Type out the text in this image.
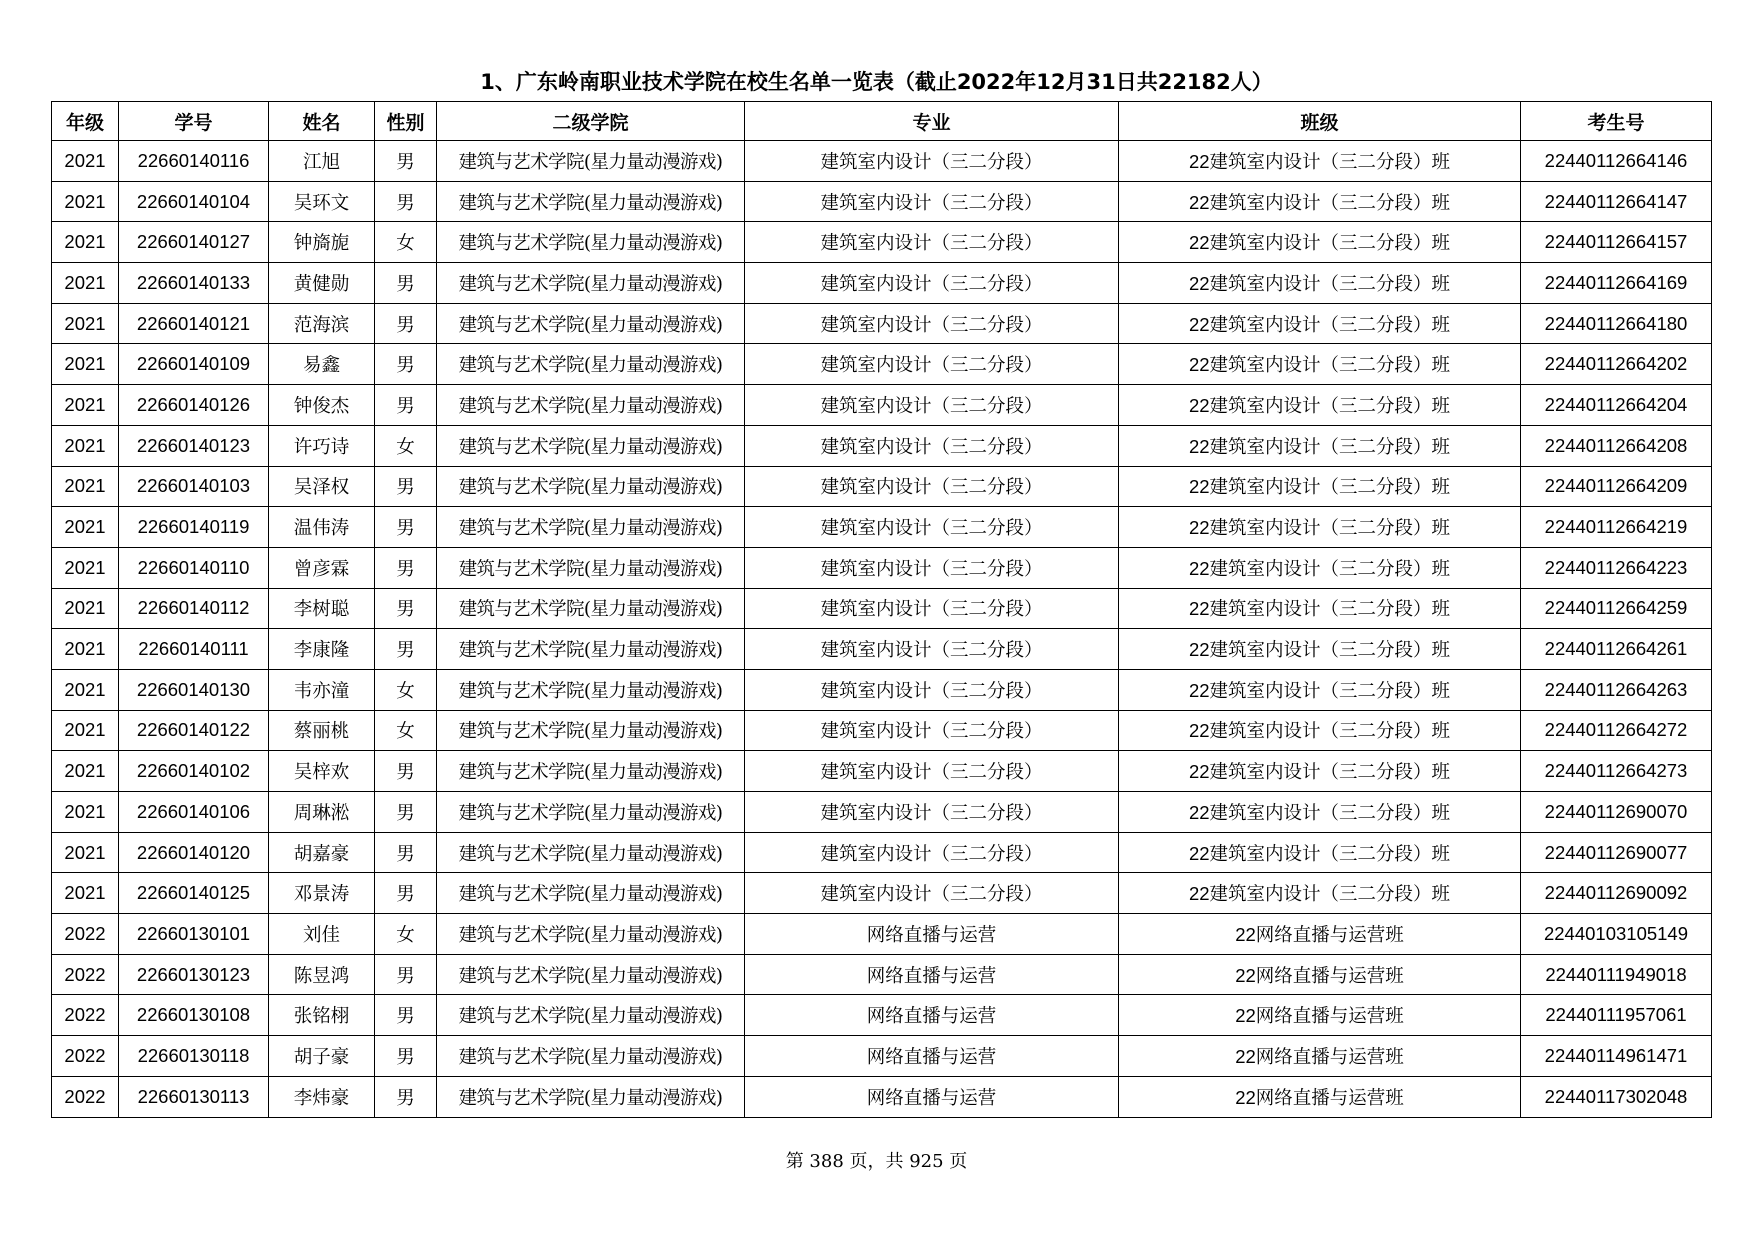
1、广东岭南职业技术学院在校生名单一览表（截止2022年12月31日共22182人）
年级	学号	姓名	性别	二级学院	专业	班级	考生号
2021	22660140116	江旭	男	建筑与艺术学院(星力量动漫游戏)	建筑室内设计（三二分段）	22建筑室内设计（三二分段）班	22440112664146
2021	22660140104	吴环文	男	建筑与艺术学院(星力量动漫游戏)	建筑室内设计（三二分段）	22建筑室内设计（三二分段）班	22440112664147
2021	22660140127	钟旖旎	女	建筑与艺术学院(星力量动漫游戏)	建筑室内设计（三二分段）	22建筑室内设计（三二分段）班	22440112664157
2021	22660140133	黄健勋	男	建筑与艺术学院(星力量动漫游戏)	建筑室内设计（三二分段）	22建筑室内设计（三二分段）班	22440112664169
2021	22660140121	范海滨	男	建筑与艺术学院(星力量动漫游戏)	建筑室内设计（三二分段）	22建筑室内设计（三二分段）班	22440112664180
2021	22660140109	易鑫	男	建筑与艺术学院(星力量动漫游戏)	建筑室内设计（三二分段）	22建筑室内设计（三二分段）班	22440112664202
2021	22660140126	钟俊杰	男	建筑与艺术学院(星力量动漫游戏)	建筑室内设计（三二分段）	22建筑室内设计（三二分段）班	22440112664204
2021	22660140123	许巧诗	女	建筑与艺术学院(星力量动漫游戏)	建筑室内设计（三二分段）	22建筑室内设计（三二分段）班	22440112664208
2021	22660140103	吴泽权	男	建筑与艺术学院(星力量动漫游戏)	建筑室内设计（三二分段）	22建筑室内设计（三二分段）班	22440112664209
2021	22660140119	温伟涛	男	建筑与艺术学院(星力量动漫游戏)	建筑室内设计（三二分段）	22建筑室内设计（三二分段）班	22440112664219
2021	22660140110	曾彦霖	男	建筑与艺术学院(星力量动漫游戏)	建筑室内设计（三二分段）	22建筑室内设计（三二分段）班	22440112664223
2021	22660140112	李树聪	男	建筑与艺术学院(星力量动漫游戏)	建筑室内设计（三二分段）	22建筑室内设计（三二分段）班	22440112664259
2021	22660140111	李康隆	男	建筑与艺术学院(星力量动漫游戏)	建筑室内设计（三二分段）	22建筑室内设计（三二分段）班	22440112664261
2021	22660140130	韦亦潼	女	建筑与艺术学院(星力量动漫游戏)	建筑室内设计（三二分段）	22建筑室内设计（三二分段）班	22440112664263
2021	22660140122	蔡丽桃	女	建筑与艺术学院(星力量动漫游戏)	建筑室内设计（三二分段）	22建筑室内设计（三二分段）班	22440112664272
2021	22660140102	吴梓欢	男	建筑与艺术学院(星力量动漫游戏)	建筑室内设计（三二分段）	22建筑室内设计（三二分段）班	22440112664273
2021	22660140106	周琳淞	男	建筑与艺术学院(星力量动漫游戏)	建筑室内设计（三二分段）	22建筑室内设计（三二分段）班	22440112690070
2021	22660140120	胡嘉豪	男	建筑与艺术学院(星力量动漫游戏)	建筑室内设计（三二分段）	22建筑室内设计（三二分段）班	22440112690077
2021	22660140125	邓景涛	男	建筑与艺术学院(星力量动漫游戏)	建筑室内设计（三二分段）	22建筑室内设计（三二分段）班	22440112690092
2022	22660130101	刘佳	女	建筑与艺术学院(星力量动漫游戏)	网络直播与运营	22网络直播与运营班	22440103105149
2022	22660130123	陈昱鸿	男	建筑与艺术学院(星力量动漫游戏)	网络直播与运营	22网络直播与运营班	22440111949018
2022	22660130108	张铭栩	男	建筑与艺术学院(星力量动漫游戏)	网络直播与运营	22网络直播与运营班	22440111957061
2022	22660130118	胡子豪	男	建筑与艺术学院(星力量动漫游戏)	网络直播与运营	22网络直播与运营班	22440114961471
2022	22660130113	李炜豪	男	建筑与艺术学院(星力量动漫游戏)	网络直播与运营	22网络直播与运营班	22440117302048
第 388 页，共 925 页
